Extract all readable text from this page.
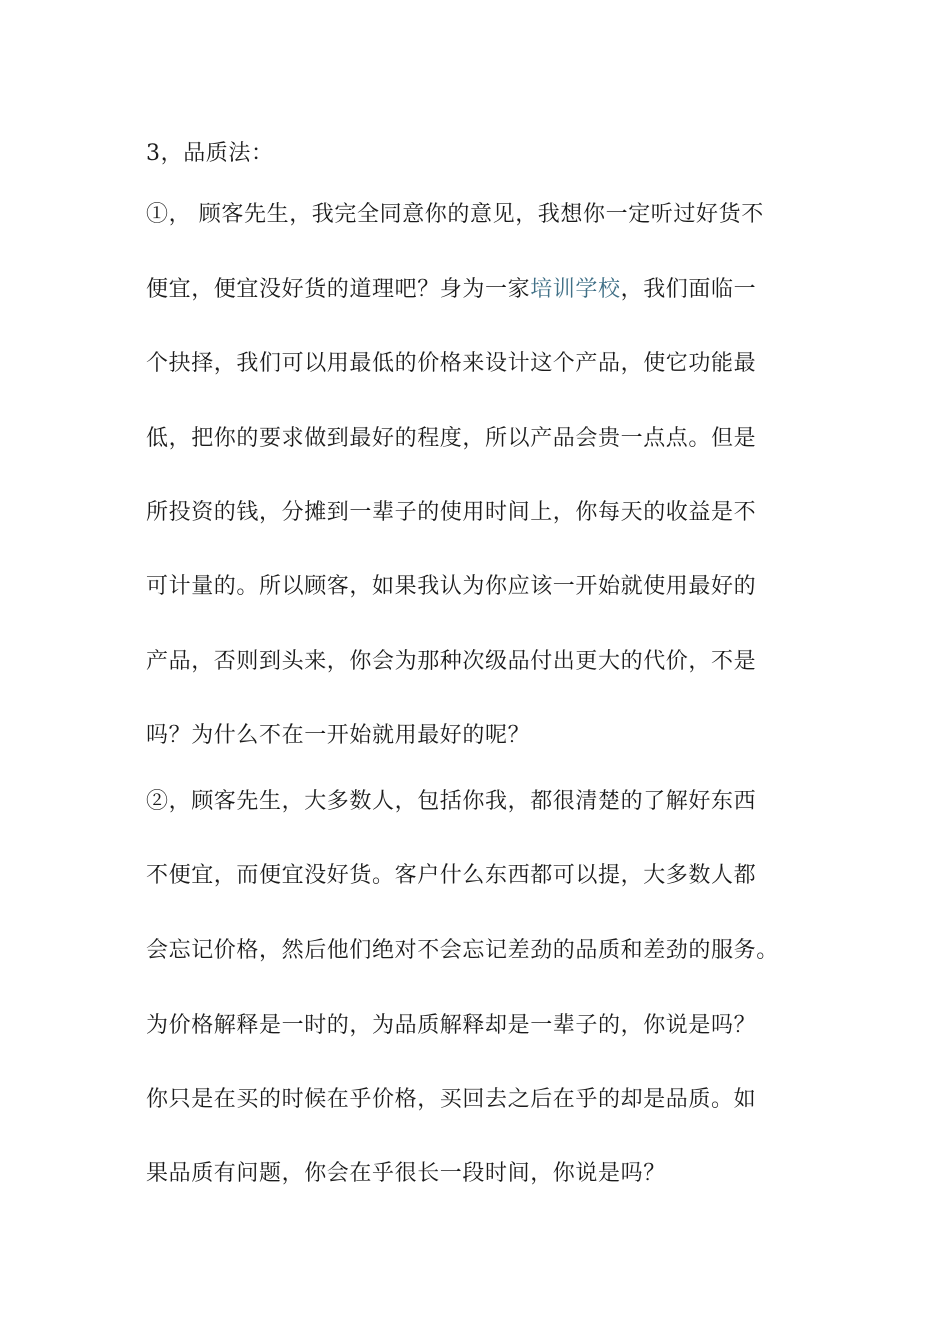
3，品质法：
①， 顾客先生，我完全同意你的意见，我想你一定听过好货不
便宜，便宜没好货的道理吧？身为一家培训学校，我们面临一
个抉择，我们可以用最低的价格来设计这个产品，使它功能最
低，把你的要求做到最好的程度，所以产品会贵一点点。但是
所投资的钱，分摊到一辈子的使用时间上，你每天的收益是不
可计量的。所以顾客，如果我认为你应该一开始就使用最好的
产品，否则到头来，你会为那种次级品付出更大的代价，不是
吗？为什么不在一开始就用最好的呢？
②，顾客先生，大多数人，包括你我，都很清楚的了解好东西
不便宜，而便宜没好货。客户什么东西都可以提，大多数人都
会忘记价格，然后他们绝对不会忘记差劲的品质和差劲的服务。
为价格解释是一时的，为品质解释却是一辈子的，你说是吗？
你只是在买的时候在乎价格，买回去之后在乎的却是品质。如
果品质有问题，你会在乎很长一段时间，你说是吗？
